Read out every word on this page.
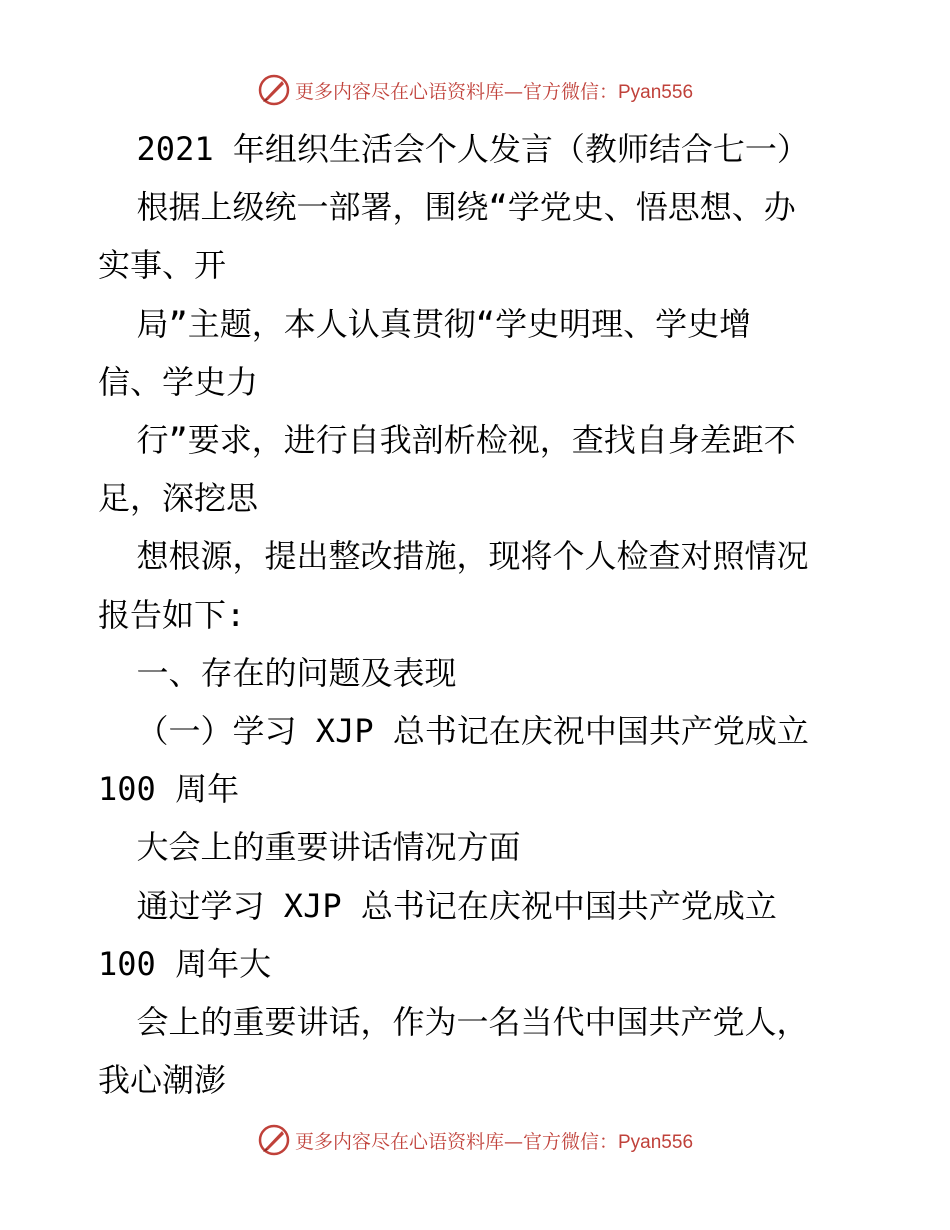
更多内容尽在心语资料库—官方微信：Pyan556
2021 年组织生活会个人发言（教师结合七一）
根据上级统一部署，围绕“学党史、悟思想、办
实事、开
局”主题，本人认真贯彻“学史明理、学史增
信、学史力
行”要求，进行自我剖析检视，查找自身差距不
足，深挖思
想根源，提出整改措施，现将个人检查对照情况
报告如下:
一、存在的问题及表现
（一）学习 XJP 总书记在庆祝中国共产党成立
100 周年
大会上的重要讲话情况方面
通过学习 XJP 总书记在庆祝中国共产党成立
100 周年大
会上的重要讲话，作为一名当代中国共产党人，
我心潮澎
更多内容尽在心语资料库—官方微信：Pyan556
